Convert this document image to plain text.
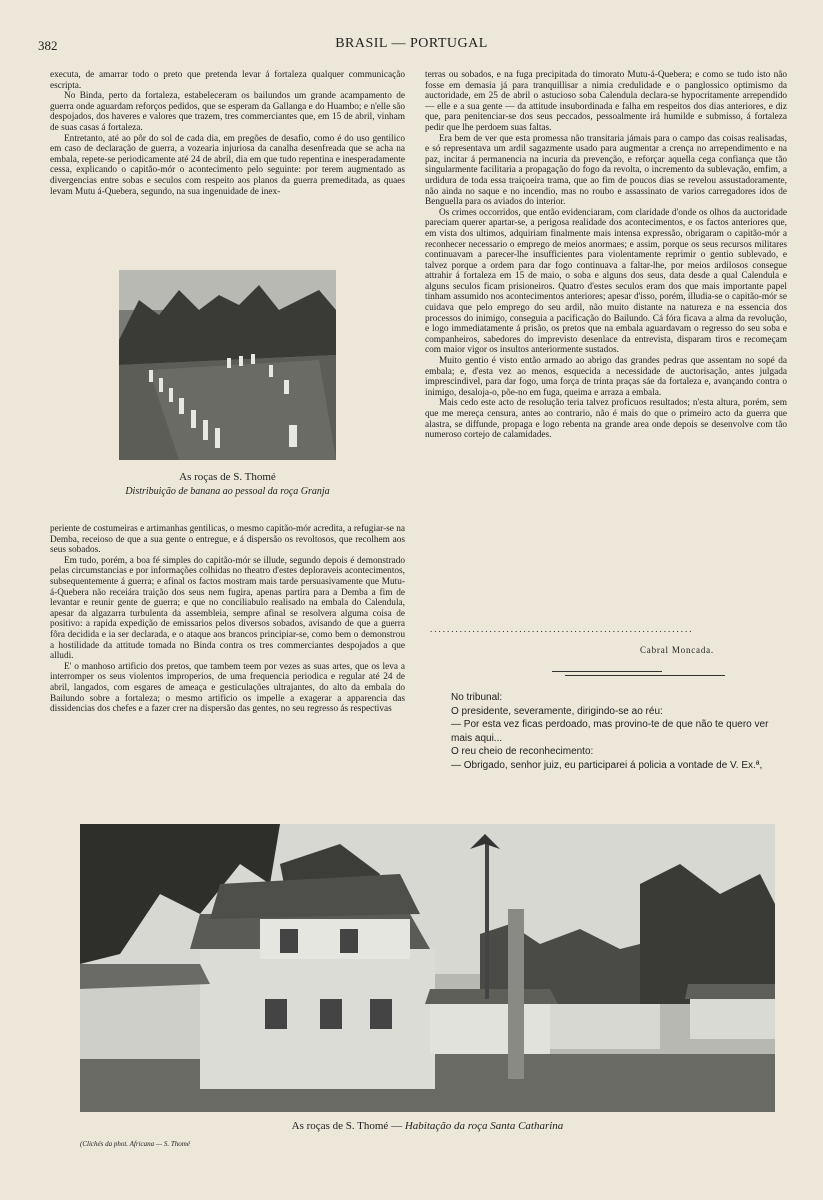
382	BRASIL — PORTUGAL

executa, de amarrar todo o preto que pretenda levar á fortaleza qualquer communicação escripta.

No Binda, perto da fortaleza, estabeleceram os bailundos um grande acampamento de guerra onde aguardam reforços pedidos, que se esperam da Gallanga e do Huambo; e n'elle são despojados, dos haveres e valores que trazem, tres commerciantes que, em 15 de abril, vinham de suas casas á fortaleza.

Entretanto, até ao pôr do sol de cada dia, em pregões de desafio, como é do uso gentilico em caso de declaração de guerra, a vozearia injuriosa da canalha desenfreada que se acha na embala, repete-se periodicamente até 24 de abril, dia em que tudo repentina e inesperadamente cessa, explicando o capitão-mór o acontecimento pelo seguinte: por terem augmentado as divergencias entre sobas e seculos com respeito aos planos da guerra premeditada, as quaes levam Mutu á-Quebera, segundo, na sua ingenuidade de inex-

As roças de S. Thomé
Distribuição de banana ao pessoal da roça Granja

periente de costumeiras e artimanhas gentilicas, o mesmo capitão-mór acredita, a refugiar-se na Demba, receioso de que a sua gente o entregue, e á dispersão os revoltosos, que recolhem aos seus sobados.

Em tudo, porém, a boa fé simples do capitão-mór se illude, segundo depois é demonstrado pelas circumstancias e por informações colhidas no theatro d'estes deploraveis acontecimentos, subsequentemente á guerra; e afinal os factos mostram mais tarde persuasivamente que Mutu-á-Quebera não receiára traição dos seus nem fugira, apenas partira para a Demba a fim de levantar e reunir gente de guerra; e que no conciliabulo realisado na embala do Calendula, apesar da algazarra turbulenta da assembleia, sempre afinal se resolvera alguma coisa de positivo: a rapida expedição de emissarios pelos diversos sobados, avisando de que a guerra fôra decidida e ia ser declarada, e o ataque aos brancos principiar-se, como bem o demonstrou a hostilidade da attitude tomada no Binda contra os tres commerciantes despojados a que alludi.

E' o manhoso artificio dos pretos, que tambem teem por vezes as suas artes, que os leva a interromper os seus violentos improperios, de uma frequencia periodica e regular até 24 de abril, langados, com esgares de ameaça e gesticulações ultrajantes, do alto da embala do Bailundo sobre a fortaleza; o mesmo artificio os impelle a exagerar a apparencia das dissidencias dos chefes e a fazer crer na dispersão das gentes, no seu regresso ás respectivas

terras ou sobados, e na fuga precipitada do timorato Mutu-á-Quebera; e como se tudo isto não fosse em demasia já para tranquillisar a nimia credulidade e o panglossico optimismo da auctoridade, em 25 de abril o astucioso soba Calendula declara-se hypocritamente arrependido — elle e a sua gente — da attitude insubordinada e falha em respeitos dos dias anteriores, e diz que, para penitenciar-se dos seus peccados, pessoalmente irá humilde e submisso, á fortaleza pedir que lhe perdoem suas faltas.

Era bem de ver que esta promessa não transitaria jámais para o campo das coisas realisadas, e só representava um ardil sagazmente usado para augmentar a crença no arrependimento e na paz, incitar á permanencia na incuria da prevenção, e reforçar aquella cega confiança que tão singularmente facilitaria a propagação do fogo da revolta, o incremento da sublevação, emfim, a urdidura de toda essa traiçoeira trama, que ao fim de poucos dias se revelou assustadoramente, não ainda no saque e no incendio, mas no roubo e assassinato de varios carregadores idos de Benguella para os aviados do interior.

Os crimes occorridos, que então evidenciaram, com claridade d'onde os olhos da auctoridade pareciam querer apartar-se, a perigosa realidade dos acontecimentos, e os factos anteriores que, em vista dos ultimos, adquiriam finalmente mais intensa expressão, obrigaram o capitão-mór a reconhecer necessario o emprego de meios anormaes; e assim, porque os seus recursos militares continuavam a parecer-lhe insufficientes para violentamente reprimir o gentio sublevado, e talvez porque a ordem para dar fogo continuava a faltar-lhe, por meios ardilosos consegue attrahir á fortaleza em 15 de maio, o soba e alguns dos seus, data desde a qual Calendula e alguns seculos ficam prisioneiros. Quatro d'estes seculos eram dos que mais importante papel tinham assumido nos acontecimentos anteriores; apesar d'isso, porém, illudia-se o capitão-mór se cuidava que pelo emprego do seu ardil, não muito distante na natureza e na essencia dos processos do inimigo, conseguia a pacificação do Bailundo. Cá fóra ficava a alma da revolução, e logo immediatamente á prisão, os pretos que na embala aguardavam o regresso do seu soba e companheiros, sabedores do imprevisto desenlace da entrevista, disparam tiros e recomeçam com maior vigor os insultos anteriormente sustados.

Muito gentio é visto então armado ao abrigo das grandes pedras que assentam no sopé da embala; e, d'esta vez ao menos, esquecida a necessidade de auctorisação, antes julgada imprescindivel, para dar fogo, uma força de trinta praças sáe da fortaleza e, avançando contra o inimigo, desaloja-o, põe-no em fuga, queima e arraza a embala.

Mais cedo este acto de resolução teria talvez proficuos resultados; n'esta altura, porém, sem que me mereça censura, antes ao contrario, não é mais do que o primeiro acto da guerra que alastra, se diffunde, propaga e logo rebenta na grande area onde depois se desenvolve com tão numeroso cortejo de calamidades.

..............................................................
Cabral Moncada.

No tribunal:

O presidente, severamente, dirigindo-se ao réu:

— Por esta vez ficas perdoado, mas provino-te de que não te quero ver mais aqui...

O reu cheio de reconhecimento:

— Obrigado, senhor juiz, eu participarei á policia a vontade de V. Ex.ª,

As roças de S. Thomé — Habitação da roça Santa Catharina
(Clichés da phot. Africana — S. Thomé
